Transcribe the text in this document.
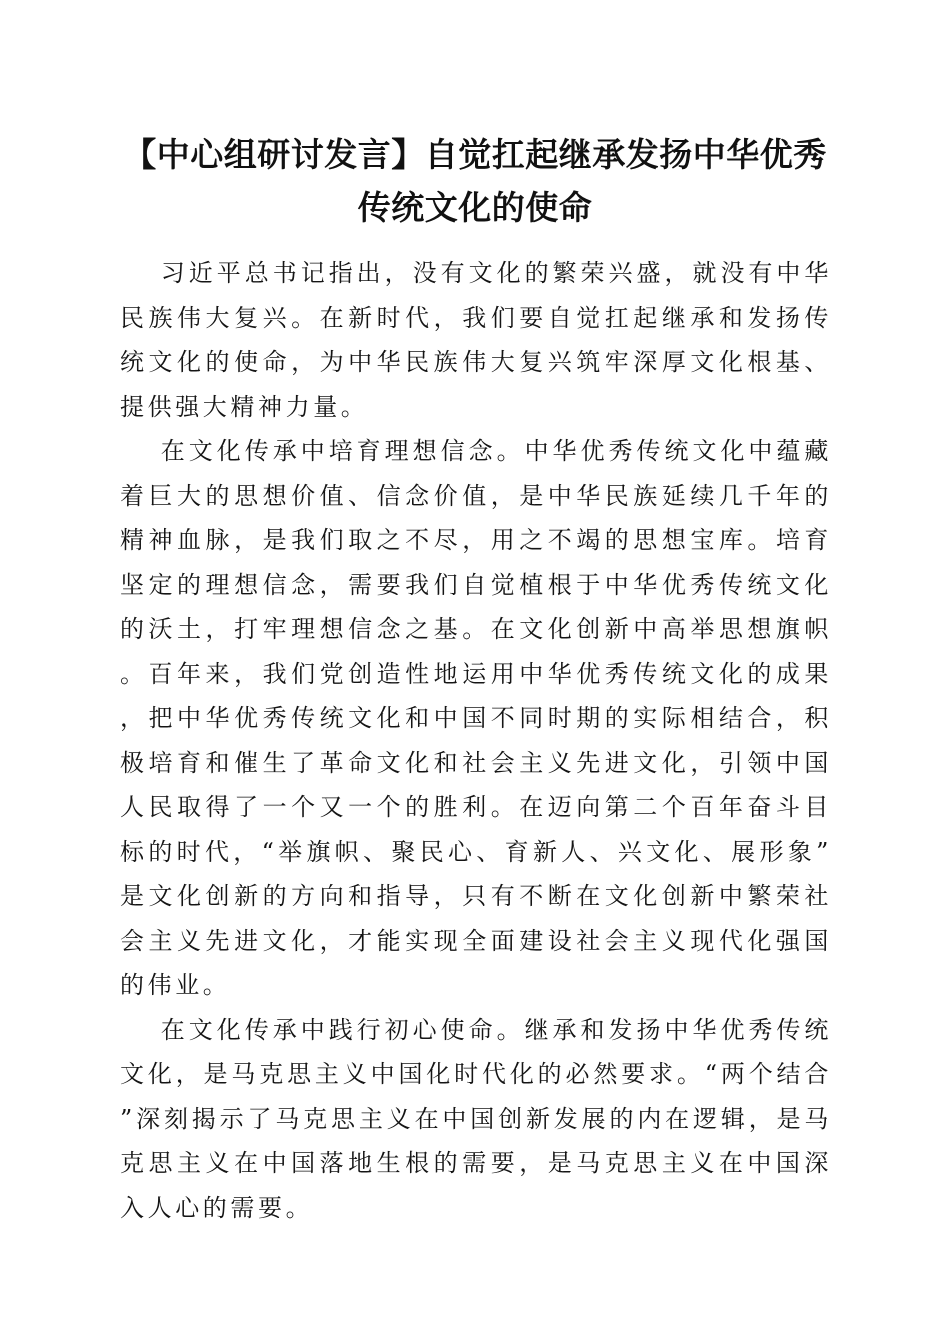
【中心组研讨发言】自觉扛起继承发扬中华优秀传统文化的使命

习近平总书记指出，没有文化的繁荣兴盛，就没有中华民族伟大复兴。在新时代，我们要自觉扛起继承和发扬传统文化的使命，为中华民族伟大复兴筑牢深厚文化根基、提供强大精神力量。

在文化传承中培育理想信念。中华优秀传统文化中蕴藏着巨大的思想价值、信念价值，是中华民族延续几千年的精神血脉，是我们取之不尽，用之不竭的思想宝库。培育坚定的理想信念，需要我们自觉植根于中华优秀传统文化的沃土，打牢理想信念之基。在文化创新中高举思想旗帜。百年来，我们党创造性地运用中华优秀传统文化的成果，把中华优秀传统文化和中国不同时期的实际相结合，积极培育和催生了革命文化和社会主义先进文化，引领中国人民取得了一个又一个的胜利。在迈向第二个百年奋斗目标的时代，“举旗帜、聚民心、育新人、兴文化、展形象”是文化创新的方向和指导，只有不断在文化创新中繁荣社会主义先进文化，才能实现全面建设社会主义现代化强国的伟业。

在文化传承中践行初心使命。继承和发扬中华优秀传统文化，是马克思主义中国化时代化的必然要求。“两个结合”深刻揭示了马克思主义在中国创新发展的内在逻辑，是马克思主义在中国落地生根的需要，是马克思主义在中国深入人心的需要。
